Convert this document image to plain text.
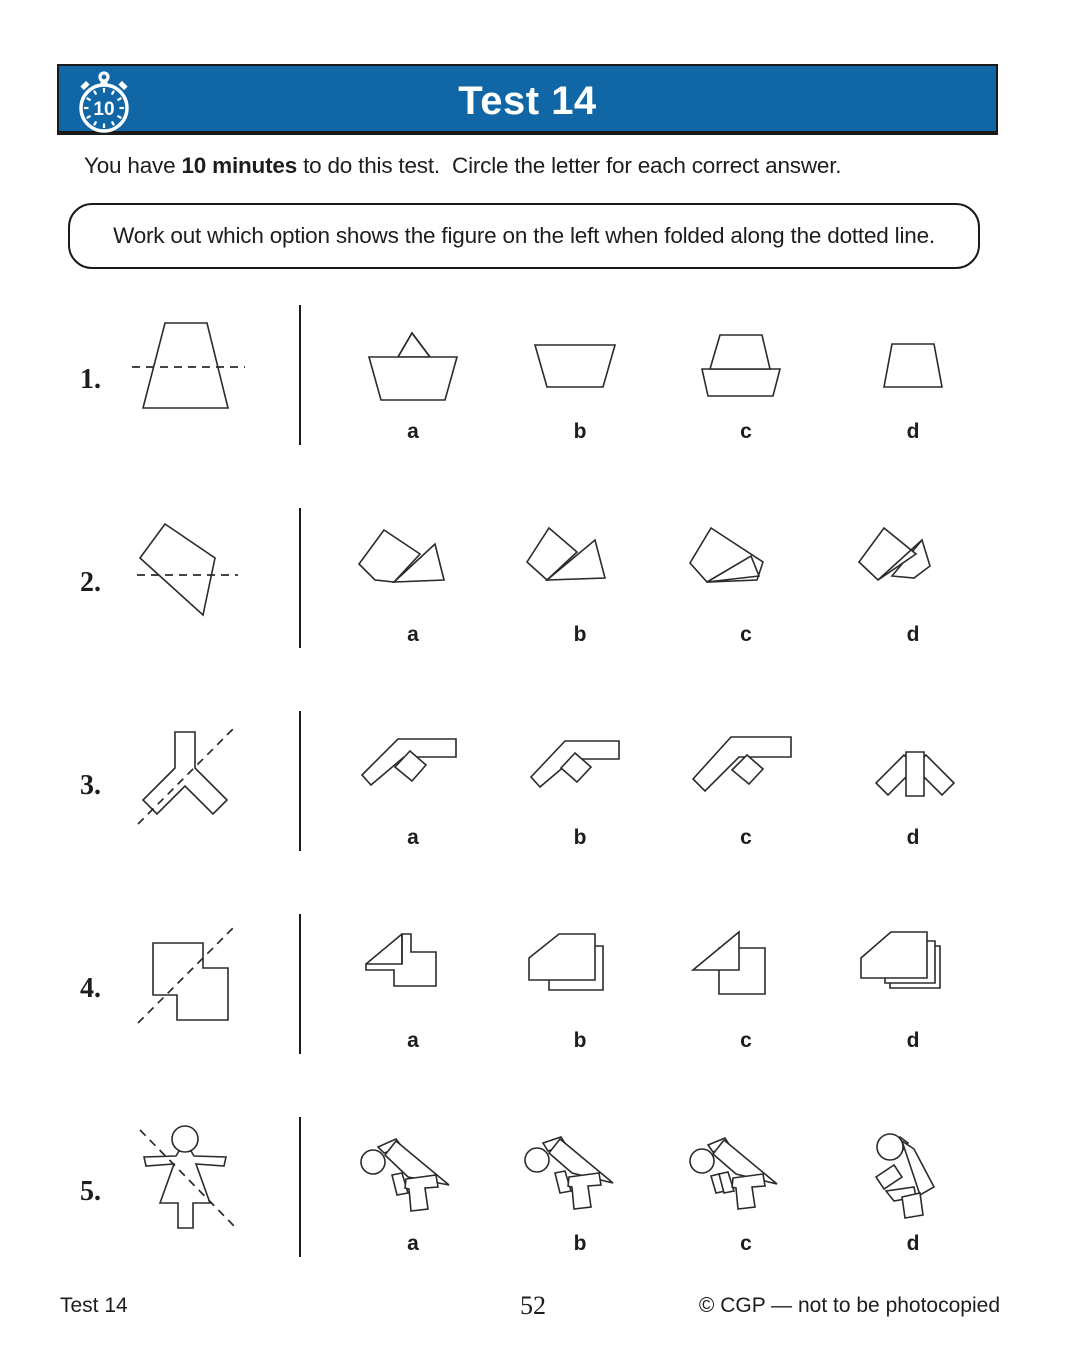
10	Test 14
You have 10 minutes to do this test.  Circle the letter for each correct answer.
Work out which option shows the figure on the left when folded along the dotted line.
1.
a	b	c	d
2.
a	b	c	d
3.
a	b	c	d
4.
a	b	c	d
5.
a	b	c	d
Test 14	52	© CGP — not to be photocopied
